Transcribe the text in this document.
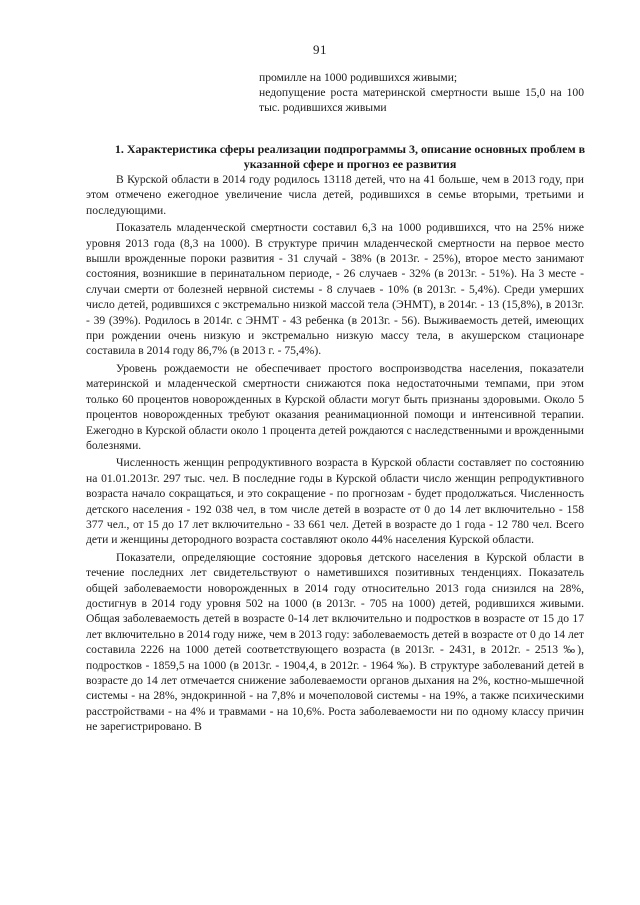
91

промилле на 1000 родившихся живыми;

недопущение роста материнской смертности выше 15,0 на 100 тыс. родившихся живыми

1. Характеристика сферы реализации подпрограммы 3, описание основных проблем в указанной сфере и прогноз ее развития

В Курской области в 2014 году родилось 13118 детей, что на 41 больше, чем в 2013 году, при этом отмечено ежегодное увеличение числа детей, родившихся в семье вторыми, третьими и последующими.

Показатель младенческой смертности составил 6,3 на 1000 родившихся, что на 25% ниже уровня 2013 года (8,3 на 1000). В структуре причин младенческой смертности на первое место вышли врожденные пороки развития - 31 случай - 38% (в 2013г. - 25%), второе место занимают состояния, возникшие в перинатальном периоде, - 26 случаев - 32% (в 2013г. - 51%). На 3 месте - случаи смерти от болезней нервной системы - 8 случаев - 10% (в 2013г. - 5,4%). Среди умерших число детей, родившихся с экстремально низкой массой тела (ЭНМТ), в 2014г. - 13 (15,8%), в 2013г. - 39 (39%). Родилось в 2014г. с ЭНМТ - 43 ребенка (в 2013г. - 56). Выживаемость детей, имеющих при рождении очень низкую и экстремально низкую массу тела, в акушерском стационаре составила в 2014 году 86,7% (в 2013 г. - 75,4%).

Уровень рождаемости не обеспечивает простого воспроизводства населения, показатели материнской и младенческой смертности снижаются пока недостаточными темпами, при этом только 60 процентов новорожденных в Курской области могут быть признаны здоровыми. Около 5 процентов новорожденных требуют оказания реанимационной помощи и интенсивной терапии. Ежегодно в Курской области около 1 процента детей рождаются с наследственными и врожденными болезнями.

Численность женщин репродуктивного возраста в Курской области составляет по состоянию на 01.01.2013г. 297 тыс. чел. В последние годы в Курской области число женщин репродуктивного возраста начало сокращаться, и это сокращение - по прогнозам - будет продолжаться. Численность детского населения - 192 038 чел, в том числе детей в возрасте от 0 до 14 лет включительно - 158 377 чел., от 15 до 17 лет включительно - 33 661 чел. Детей в возрасте до 1 года - 12 780 чел. Всего дети и женщины детородного возраста составляют около 44% населения Курской области.

Показатели, определяющие состояние здоровья детского населения в Курской области в течение последних лет свидетельствуют о наметившихся позитивных тенденциях. Показатель общей заболеваемости новорожденных в 2014 году относительно 2013 года снизился на 28%, достигнув в 2014 году уровня 502 на 1000 (в 2013г. - 705 на 1000) детей, родившихся живыми. Общая заболеваемость детей в возрасте 0-14 лет включительно и подростков в возрасте от 15 до 17 лет включительно в 2014 году ниже, чем в 2013 году: заболеваемость детей в возрасте от 0 до 14 лет составила 2226 на 1000 детей соответствующего возраста (в 2013г. - 2431, в 2012г. - 2513 ‰), подростков - 1859,5 на 1000 (в 2013г. - 1904,4, в 2012г. - 1964 ‰). В структуре заболеваний детей в возрасте до 14 лет отмечается снижение заболеваемости органов дыхания на 2%, костно-мышечной системы - на 28%, эндокринной - на 7,8% и мочеполовой системы - на 19%, а также психическими расстройствами - на 4% и травмами - на 10,6%. Роста заболеваемости ни по одному классу причин не зарегистрировано. В
